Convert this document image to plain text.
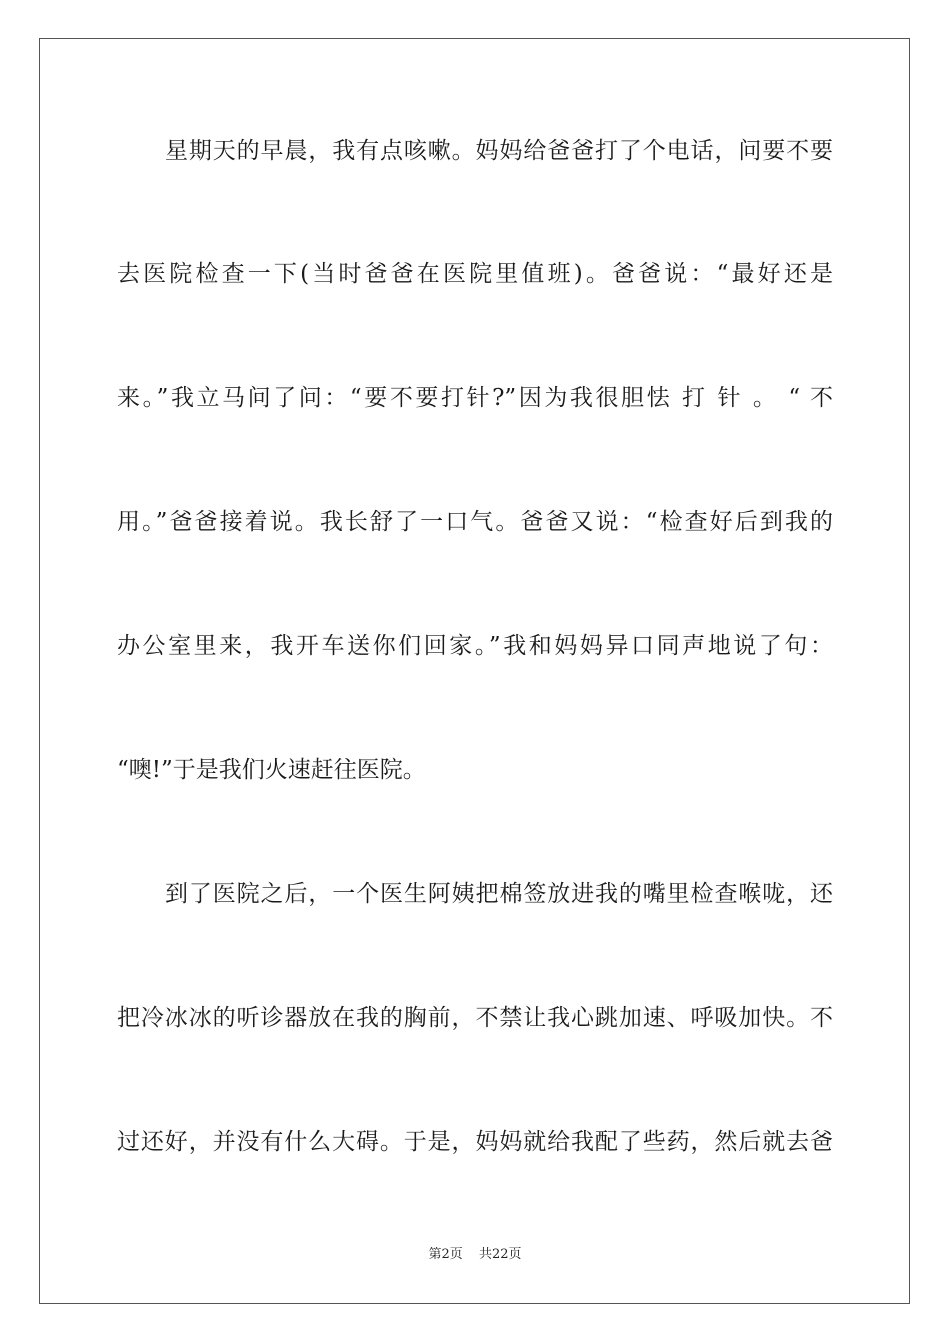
星期天的早晨，我有点咳嗽。妈妈给爸爸打了个电话，问要不要
去医院检查一下(当时爸爸在医院里值班)。爸爸说：“最好还是
来。”我立马问了问：“要不要打针?”因为我很胆怯 打 针 。 “ 不
用。”爸爸接着说。我长舒了一口气。爸爸又说：“检查好后到我的
办公室里来，我开车送你们回家。”我和妈妈异口同声地说了句：
“噢!”于是我们火速赶往医院。
到了医院之后，一个医生阿姨把棉签放进我的嘴里检查喉咙，还
把冷冰冰的听诊器放在我的胸前，不禁让我心跳加速、呼吸加快。不
过还好，并没有什么大碍。于是，妈妈就给我配了些药，然后就去爸
第2页 共22页
